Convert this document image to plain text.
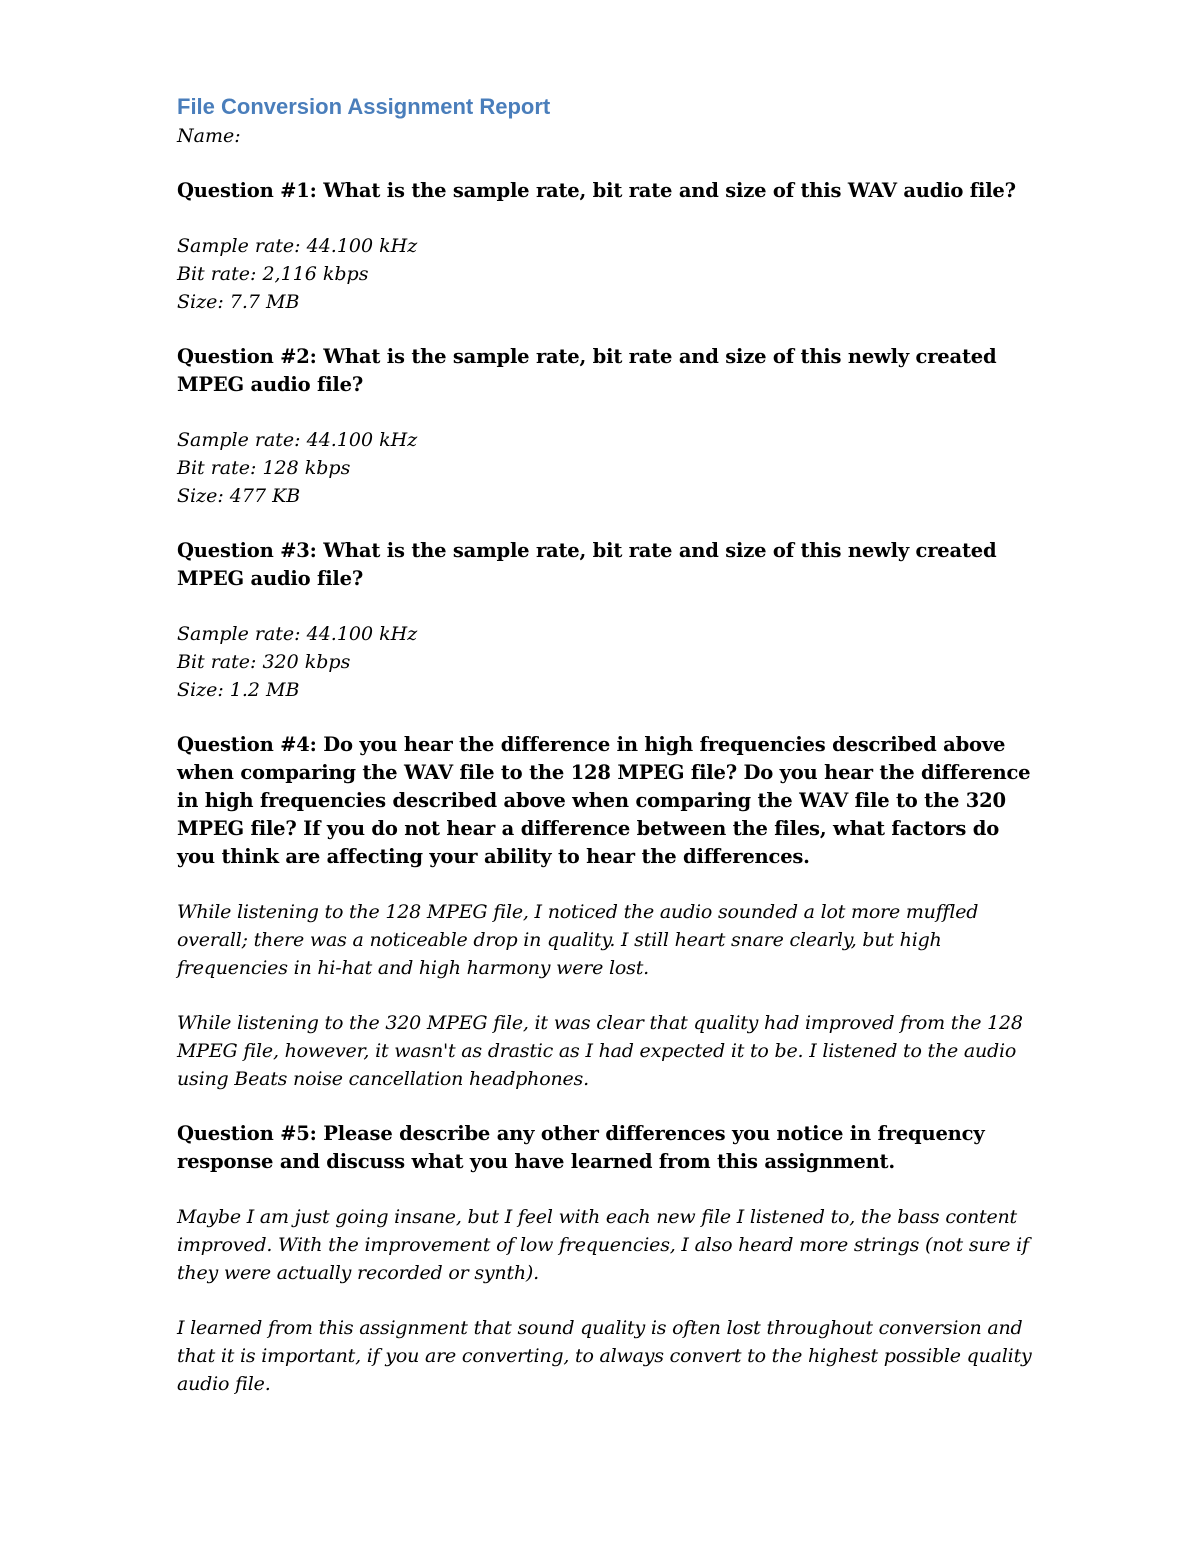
File Conversion Assignment Report

Name:

Question #1: What is the sample rate, bit rate and size of this WAV audio file?

Sample rate: 44.100 kHz
Bit rate: 2,116 kbps
Size: 7.7 MB

Question #2: What is the sample rate, bit rate and size of this newly created MPEG audio file?

Sample rate: 44.100 kHz
Bit rate: 128 kbps
Size: 477 KB

Question #3: What is the sample rate, bit rate and size of this newly created MPEG audio file?

Sample rate: 44.100 kHz
Bit rate: 320 kbps
Size: 1.2 MB

Question #4: Do you hear the difference in high frequencies described above when comparing the WAV file to the 128 MPEG file? Do you hear the difference in high frequencies described above when comparing the WAV file to the 320 MPEG file? If you do not hear a difference between the files, what factors do you think are affecting your ability to hear the differences.

While listening to the 128 MPEG file, I noticed the audio sounded a lot more muffled overall; there was a noticeable drop in quality. I still heart snare clearly, but high frequencies in hi-hat and high harmony were lost.

While listening to the 320 MPEG file, it was clear that quality had improved from the 128 MPEG file, however, it wasn't as drastic as I had expected it to be. I listened to the audio using Beats noise cancellation headphones.

Question #5: Please describe any other differences you notice in frequency response and discuss what you have learned from this assignment.

Maybe I am just going insane, but I feel with each new file I listened to, the bass content improved. With the improvement of low frequencies, I also heard more strings (not sure if they were actually recorded or synth).

I learned from this assignment that sound quality is often lost throughout conversion and that it is important, if you are converting, to always convert to the highest possible quality audio file.
